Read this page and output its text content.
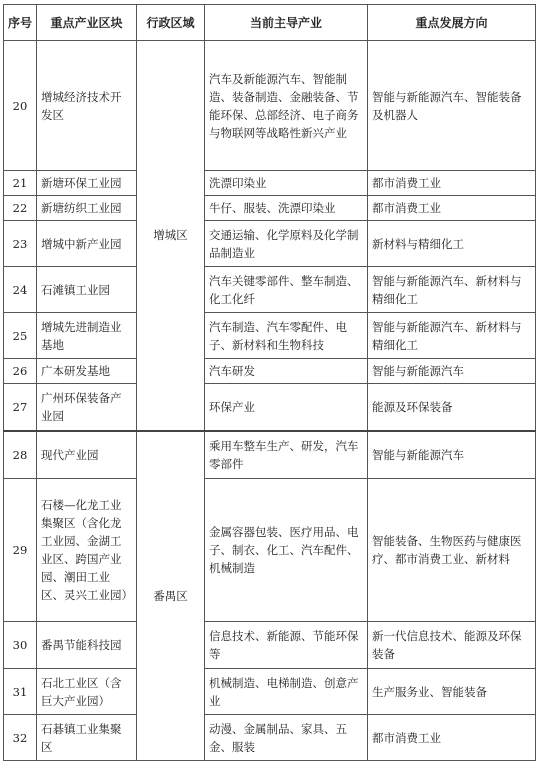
序号	重点产业区块	行政区域	当前主导产业	重点发展方向
20	增城经济技术开发区	增城区	汽车及新能源汽车、智能制造、装备制造、金融装备、节能环保、总部经济、电子商务与物联网等战略性新兴产业	智能与新能源汽车、智能装备及机器人
21	新塘环保工业园		洗漂印染业	都市消费工业
22	新塘纺织工业园		牛仔、服装、洗漂印染业	都市消费工业
23	增城中新产业园		交通运输、化学原料及化学制品制造业	新材料与精细化工
24	石滩镇工业园		汽车关键零部件、整车制造、化工化纤	智能与新能源汽车、新材料与精细化工
25	增城先进制造业基地		汽车制造、汽车零配件、电子、新材料和生物科技	智能与新能源汽车、新材料与精细化工
26	广本研发基地		汽车研发	智能与新能源汽车
27	广州环保装备产业园		环保产业	能源及环保装备
28	现代产业园	番禺区	乘用车整车生产、研发，汽车零部件	智能与新能源汽车
29	石楼—化龙工业集聚区（含化龙工业园、金湖工业区、跨国产业园、潮田工业区、灵兴工业园）		金属容器包装、医疗用品、电子、制衣、化工、汽车配件、机械制造	智能装备、生物医药与健康医疗、都市消费工业、新材料
30	番禺节能科技园		信息技术、新能源、节能环保等	新一代信息技术、能源及环保装备
31	石北工业区（含巨大产业园）		机械制造、电梯制造、创意产业	生产服务业、智能装备
32	石碁镇工业集聚区		动漫、金属制品、家具、五金、服装	都市消费工业
